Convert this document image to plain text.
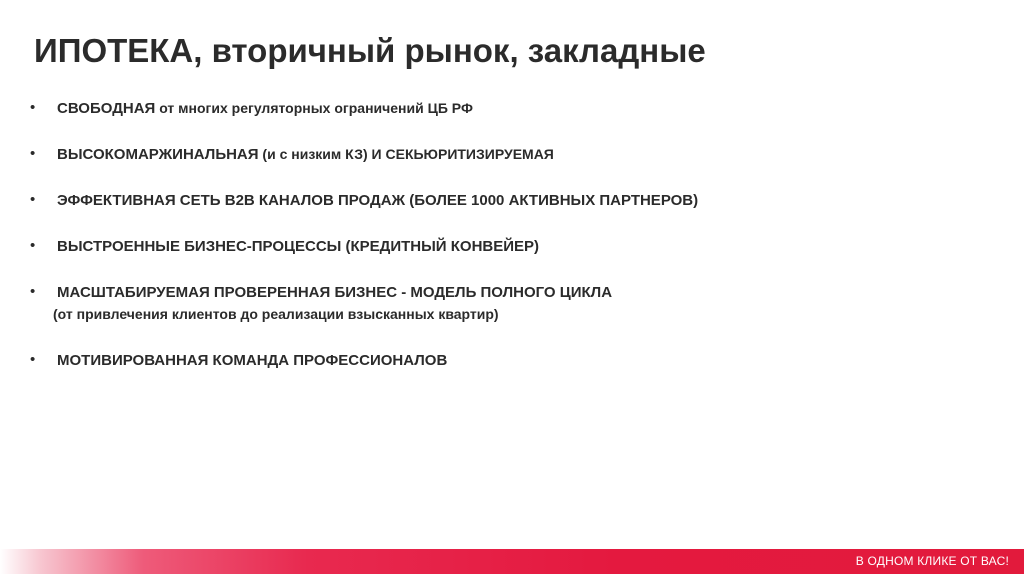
ИПОТЕКА, вторичный рынок, закладные
•	СВОБОДНАЯ от многих регуляторных ограничений ЦБ РФ
•	ВЫСОКОМАРЖИНАЛЬНАЯ (и с низким КЗ) И СЕКЬЮРИТИЗИРУЕМАЯ
•	ЭФФЕКТИВНАЯ СЕТЬ B2B КАНАЛОВ ПРОДАЖ (БОЛЕЕ 1000 АКТИВНЫХ ПАРТНЕРОВ)
•	ВЫСТРОЕННЫЕ БИЗНЕС-ПРОЦЕССЫ (КРЕДИТНЫЙ КОНВЕЙЕР)
•	МАСШТАБИРУЕМАЯ ПРОВЕРЕННАЯ БИЗНЕС - МОДЕЛЬ ПОЛНОГО ЦИКЛА
(от привлечения клиентов до реализации взысканных квартир)
•	МОТИВИРОВАННАЯ КОМАНДА ПРОФЕССИОНАЛОВ
В ОДНОМ КЛИКЕ ОТ ВАС!
